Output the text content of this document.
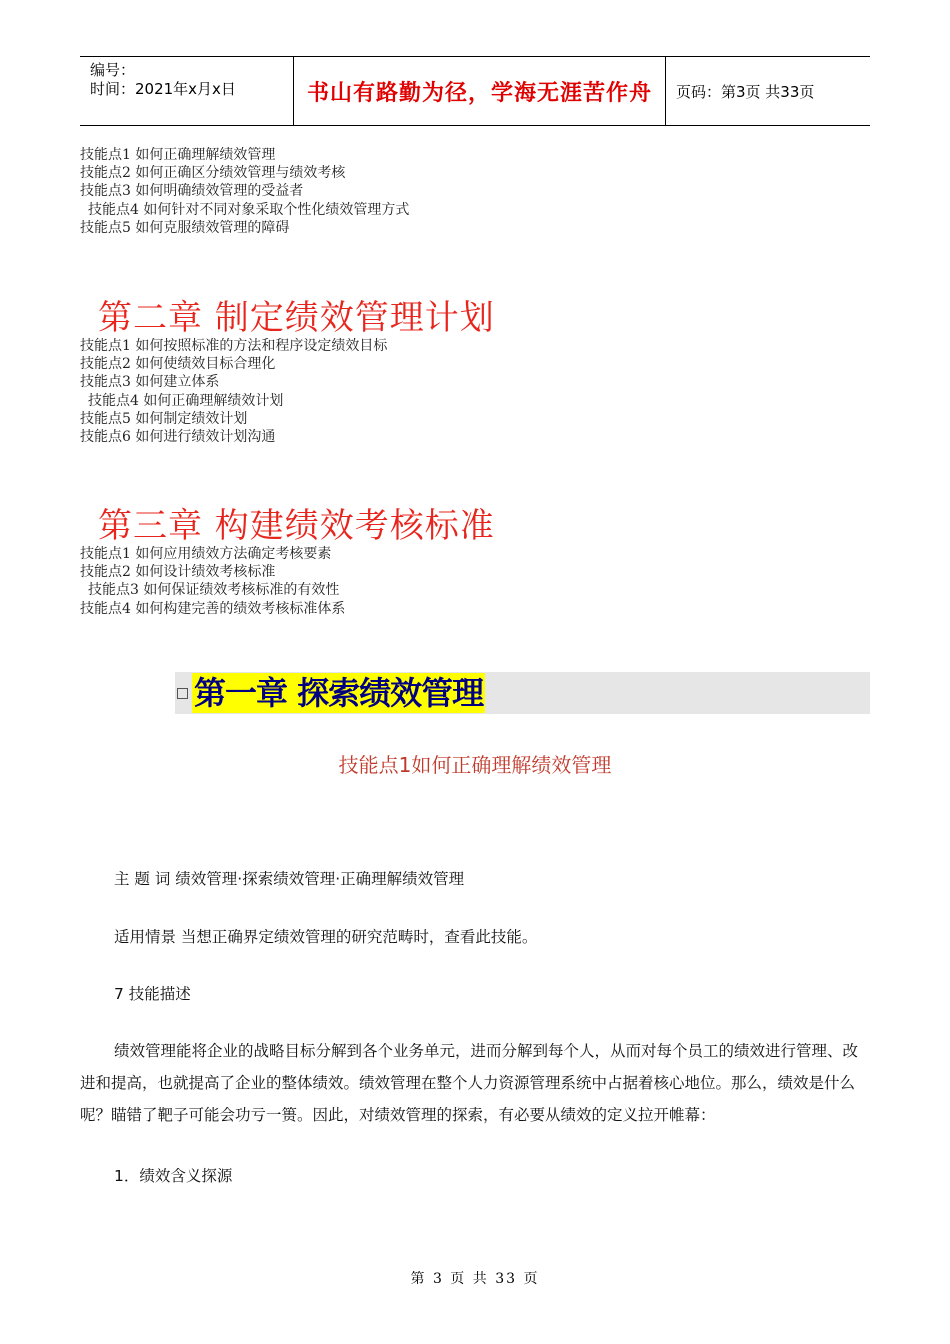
编号：
时间：2021年x月x日	书山有路勤为径，学海无涯苦作舟	页码：第3页 共33页
技能点1 如何正确理解绩效管理
技能点2 如何正确区分绩效管理与绩效考核
技能点3 如何明确绩效管理的受益者
技能点4 如何针对不同对象采取个性化绩效管理方式
技能点5 如何克服绩效管理的障碍
第二章 制定绩效管理计划
技能点1 如何按照标准的方法和程序设定绩效目标
技能点2 如何使绩效目标合理化
技能点3 如何建立体系
技能点4 如何正确理解绩效计划
技能点5 如何制定绩效计划
技能点6 如何进行绩效计划沟通
第三章 构建绩效考核标准
技能点1 如何应用绩效方法确定考核要素
技能点2 如何设计绩效考核标准
技能点3 如何保证绩效考核标准的有效性
技能点4 如何构建完善的绩效考核标准体系
第一章 探索绩效管理
技能点1如何正确理解绩效管理
主 题 词 绩效管理·探索绩效管理·正确理解绩效管理
适用情景 当想正确界定绩效管理的研究范畴时，查看此技能。
7 技能描述
绩效管理能将企业的战略目标分解到各个业务单元，进而分解到每个人，从而对每个员工的绩效进行管理、改进和提高，也就提高了企业的整体绩效。绩效管理在整个人力资源管理系统中占据着核心地位。那么，绩效是什么呢？瞄错了靶子可能会功亏一篑。因此，对绩效管理的探索，有必要从绩效的定义拉开帷幕：
1．绩效含义探源
第 3 页 共 33 页
